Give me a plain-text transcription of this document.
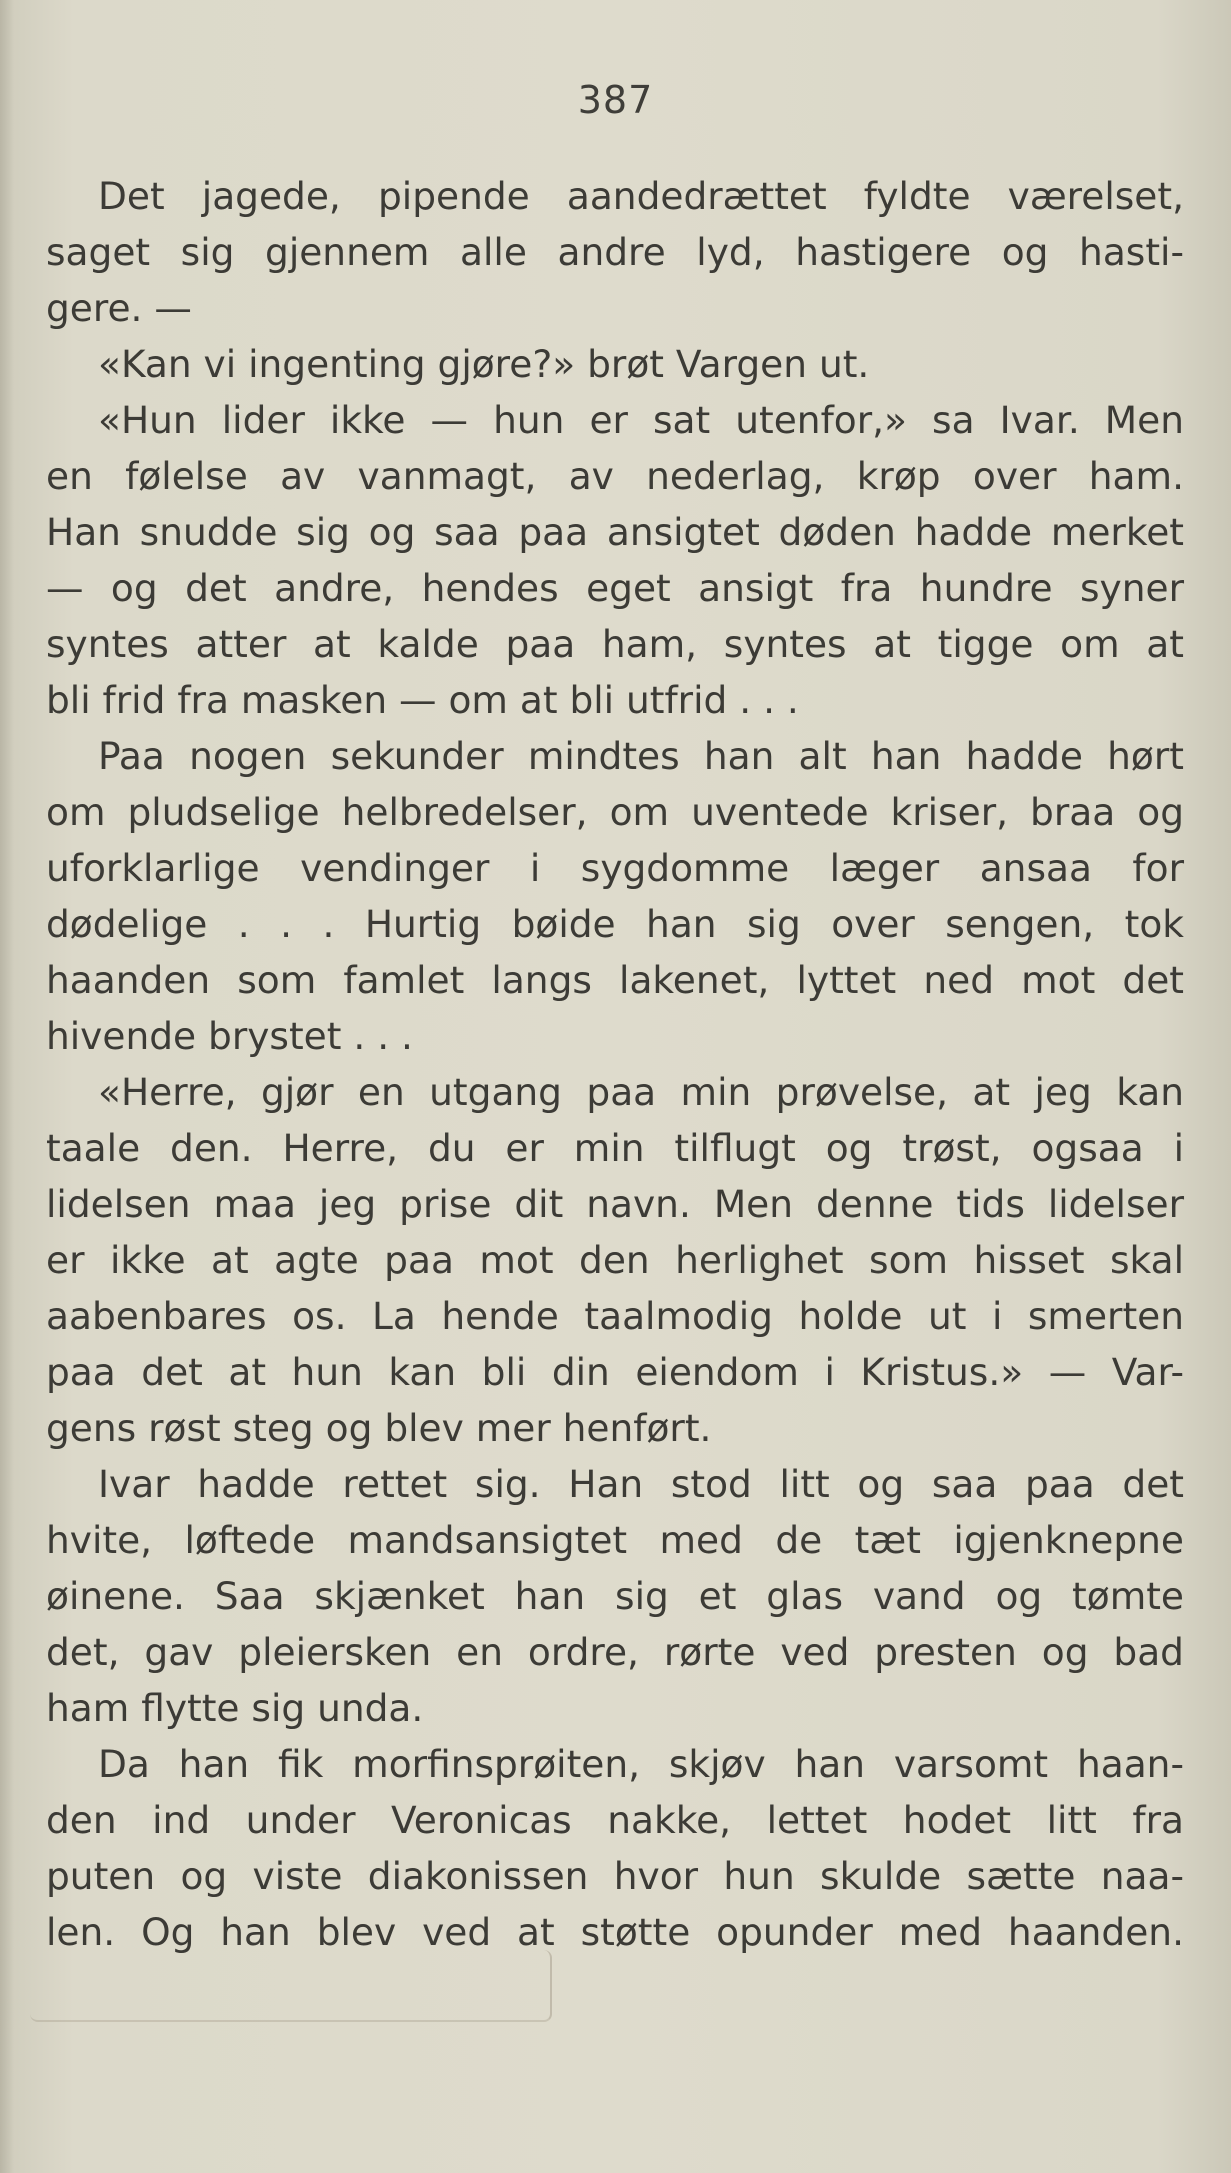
387
Det jagede, pipende aandedrættet fyldte værelset,
saget sig gjennem alle andre lyd, hastigere og hasti-
gere. —
«Kan vi ingenting gjøre?» brøt Vargen ut.
«Hun lider ikke — hun er sat utenfor,» sa Ivar. Men
en følelse av vanmagt, av nederlag, krøp over ham.
Han snudde sig og saa paa ansigtet døden hadde merket
— og det andre, hendes eget ansigt fra hundre syner
syntes atter at kalde paa ham, syntes at tigge om at
bli frid fra masken — om at bli utfrid . . .
Paa nogen sekunder mindtes han alt han hadde hørt
om pludselige helbredelser, om uventede kriser, braa og
uforklarlige vendinger i sygdomme læger ansaa for
dødelige . . . Hurtig bøide han sig over sengen, tok
haanden som famlet langs lakenet, lyttet ned mot det
hivende brystet . . .
«Herre, gjør en utgang paa min prøvelse, at jeg kan
taale den. Herre, du er min tilflugt og trøst, ogsaa i
lidelsen maa jeg prise dit navn. Men denne tids lidelser
er ikke at agte paa mot den herlighet som hisset skal
aabenbares os. La hende taalmodig holde ut i smerten
paa det at hun kan bli din eiendom i Kristus.» — Var-
gens røst steg og blev mer henført.
Ivar hadde rettet sig. Han stod litt og saa paa det
hvite, løftede mandsansigtet med de tæt igjenknepne
øinene. Saa skjænket han sig et glas vand og tømte
det, gav pleiersken en ordre, rørte ved presten og bad
ham flytte sig unda.
Da han fik morfinsprøiten, skjøv han varsomt haan-
den ind under Veronicas nakke, lettet hodet litt fra
puten og viste diakonissen hvor hun skulde sætte naa-
len. Og han blev ved at støtte opunder med haanden.
